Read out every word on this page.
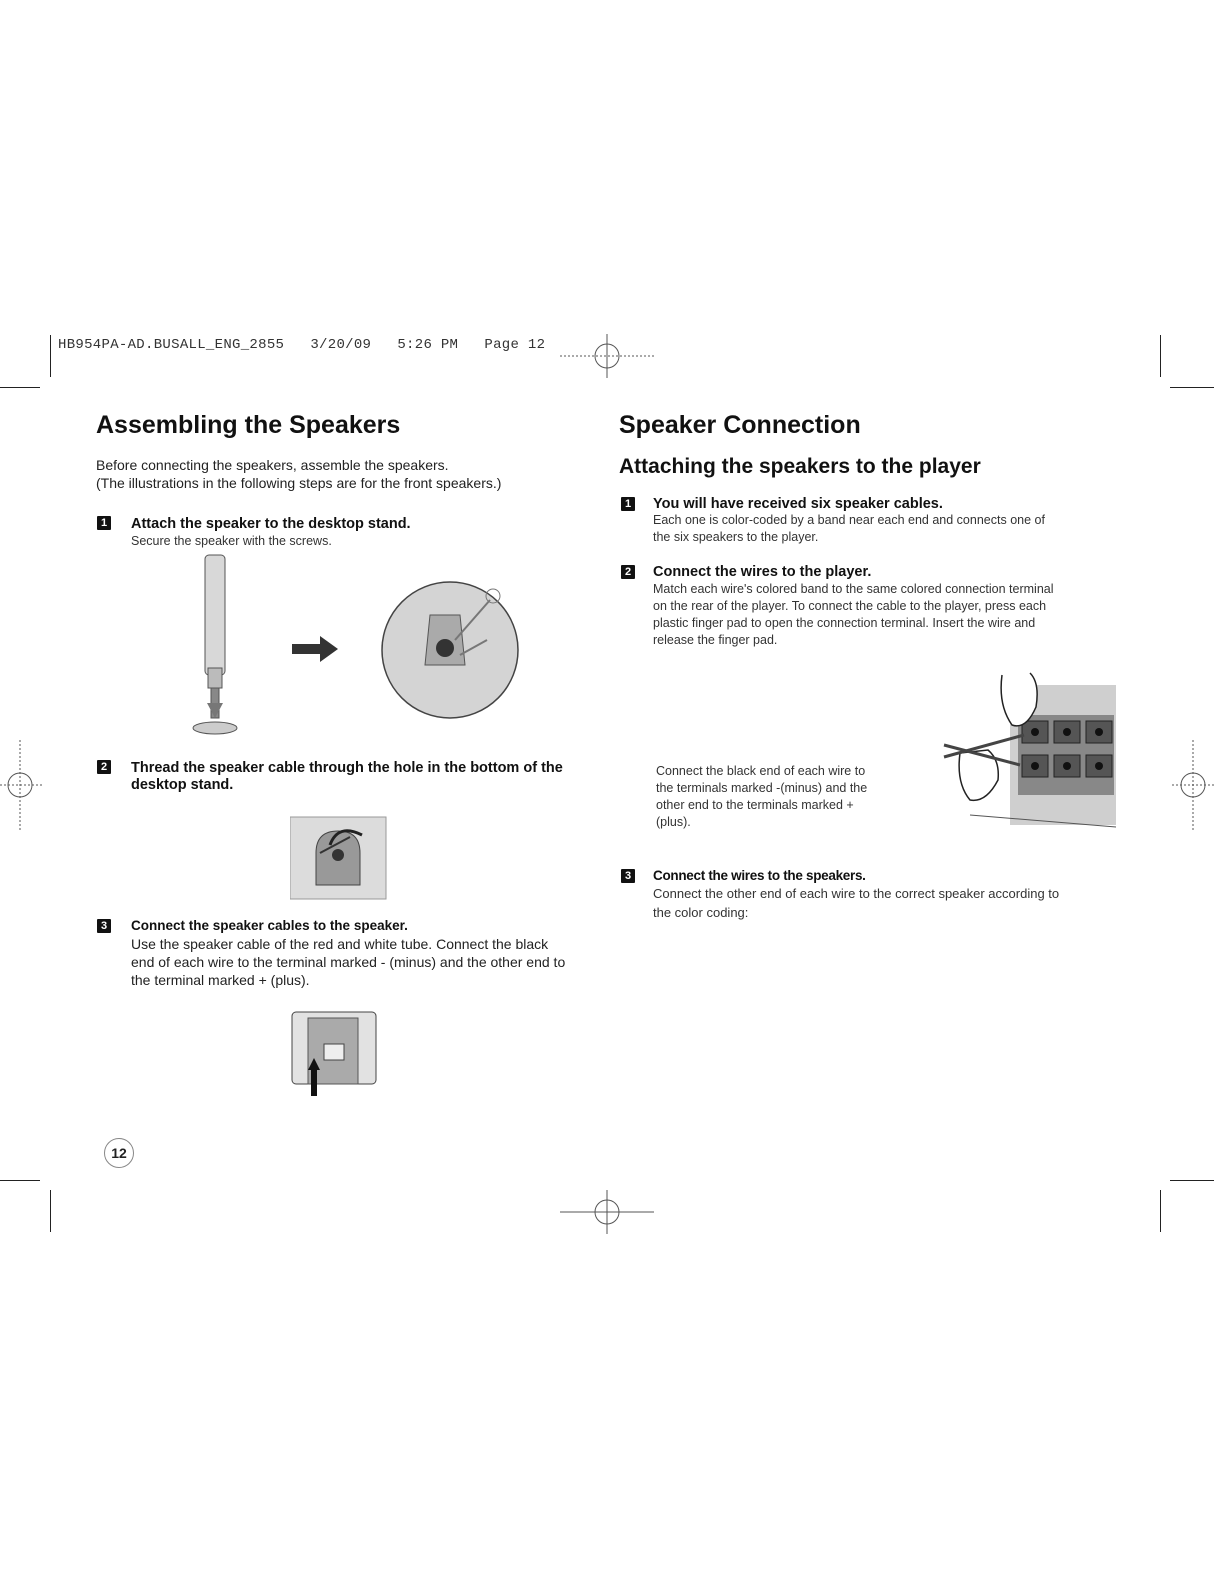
HB954PA-AD.BUSALL_ENG_2855   3/20/09   5:26 PM   Page 12
Assembling the Speakers
Before connecting the speakers, assemble the speakers.
(The illustrations in the following steps are for the front speakers.)
1 Attach the speaker to the desktop stand.
Secure the speaker with the screws.
2 Thread the speaker cable through the hole in the bottom of the
desktop stand.
3 Connect the speaker cables to the speaker.
Use the speaker cable of the red and white tube. Connect the black
end of each wire to the terminal marked - (minus) and the other end to
the terminal marked + (plus).
Speaker Connection
Attaching the speakers to the player
1 You will have received six speaker cables.
Each one is color-coded by a band near each end and connects one of
the six speakers to the player.
2 Connect the wires to the player.
Match each wire's colored band to the same colored connection terminal
on the rear of the player. To connect the cable to the player, press each
plastic finger pad to open the connection terminal. Insert the wire and
release the finger pad.
Connect the black end of each wire to
the terminals marked -(minus) and the
other end to the terminals marked +
(plus).
3 Connect the wires to the speakers.
Connect the other end of each wire to the correct speaker according to
the color coding:
12
